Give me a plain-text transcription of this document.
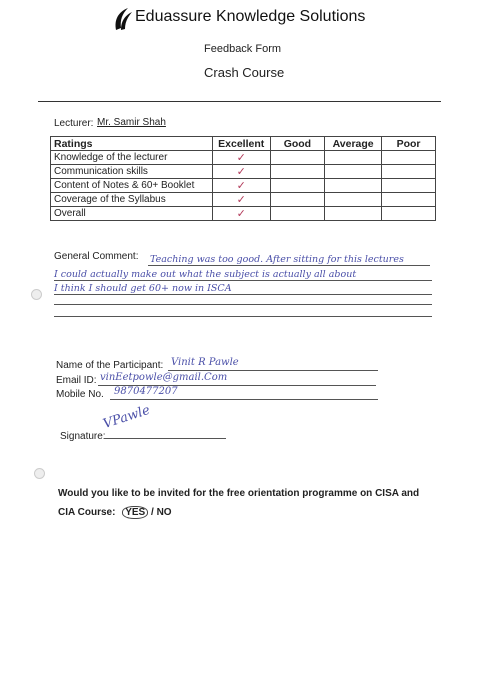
Eduassure Knowledge Solutions
Feedback Form
Crash Course
Lecturer: Mr. Samir Shah
Ratings	Excellent	Good	Average	Poor
Knowledge of the lecturer	✓			
Communication skills	✓			
Content of Notes & 60+ Booklet	✓			
Coverage of the Syllabus	✓			
Overall	✓			
General Comment: Teaching was too good. After sitting for this lectures
I could actually make out what the subject is actually all about
I think I should get 60+ now in ISCA
Name of the Participant: Vinit R Pawle
Email ID: vinEetpowle@gmail.Com
Mobile No. 9870477207
Signature:
VPawle
Would you like to be invited for the free orientation programme on CISA and
CIA Course: YES / NO
